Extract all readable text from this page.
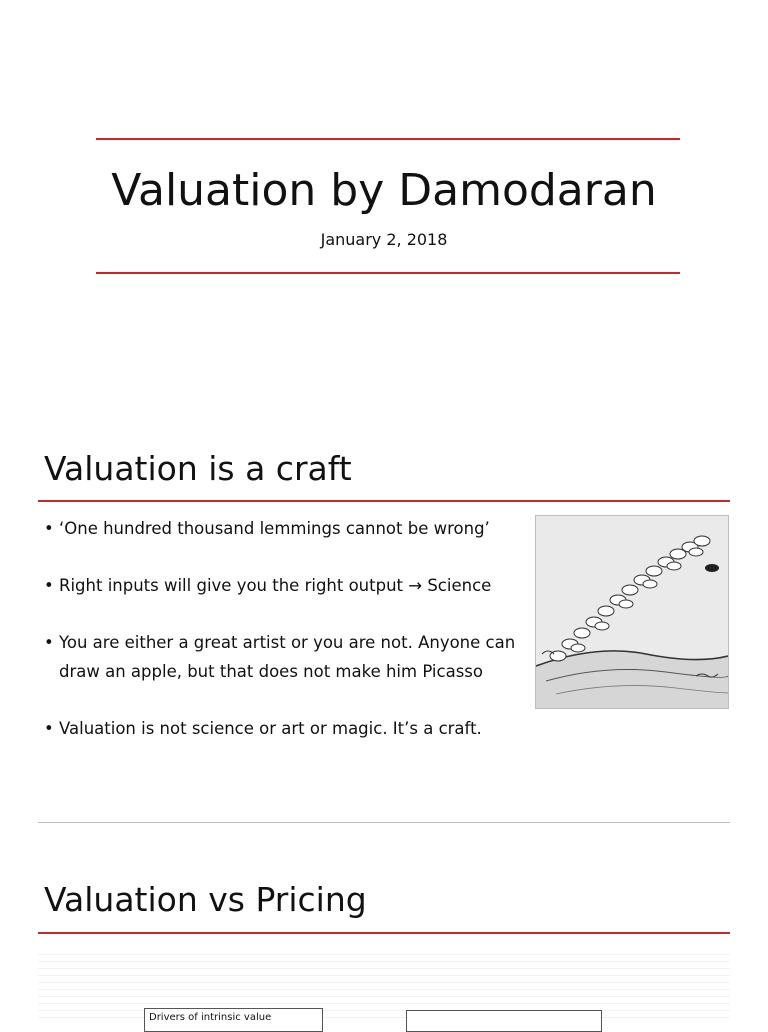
Valuation by Damodaran
January 2, 2018
Valuation is a craft
• ‘One hundred thousand lemmings cannot be wrong’
• Right inputs will give you the right output → Science
• You are either a great artist or you are not. Anyone can draw an apple, but that does not make him Picasso
• Valuation is not science or art or magic. It’s a craft.
Valuation vs Pricing
Drivers of intrinsic value
